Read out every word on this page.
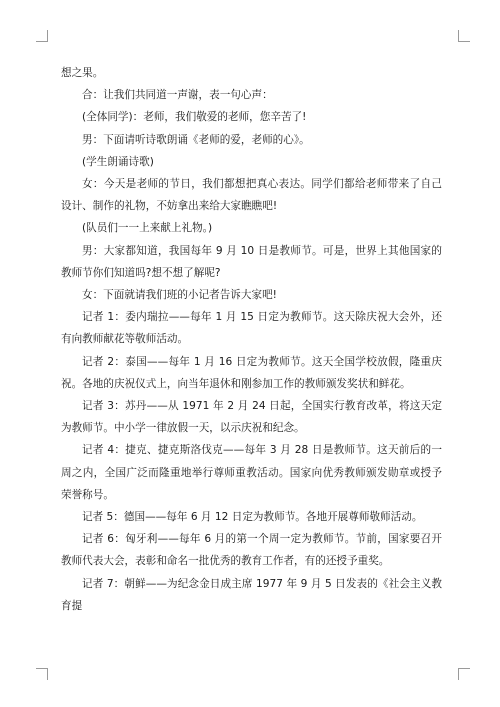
想之果。

合：让我们共同道一声谢，表一句心声：

(全体同学)：老师，我们敬爱的老师，您辛苦了!

男：下面请听诗歌朗诵《老师的爱，老师的心》。

(学生朗诵诗歌)

女：今天是老师的节日，我们都想把真心表达。同学们都给老师带来了自己设计、制作的礼物，不妨拿出来给大家瞧瞧吧!

(队员们一一上来献上礼物。)

男：大家都知道，我国每年 9 月 10 日是教师节。可是，世界上其他国家的教师节你们知道吗?想不想了解呢?

女：下面就请我们班的小记者告诉大家吧!

记者 1：委内瑞拉——每年 1 月 15 日定为教师节。这天除庆祝大会外，还有向教师献花等敬师活动。

记者 2：泰国——每年 1 月 16 日定为教师节。这天全国学校放假，隆重庆祝。各地的庆祝仪式上，向当年退休和刚参加工作的教师颁发奖状和鲜花。

记者 3：苏丹——从 1971 年 2 月 24 日起，全国实行教育改革，将这天定为教师节。中小学一律放假一天，以示庆祝和纪念。

记者 4：捷克、捷克斯洛伐克——每年 3 月 28 日是教师节。这天前后的一周之内，全国广泛而隆重地举行尊师重教活动。国家向优秀教师颁发勋章或授予荣誉称号。

记者 5：德国——每年 6 月 12 日定为教师节。各地开展尊师敬师活动。

记者 6：匈牙利——每年 6 月的第一个周一定为教师节。节前，国家要召开教师代表大会，表彰和命名一批优秀的教育工作者，有的还授予重奖。

记者 7：朝鲜——为纪念金日成主席 1977 年 9 月 5 日发表的《社会主义教育提
